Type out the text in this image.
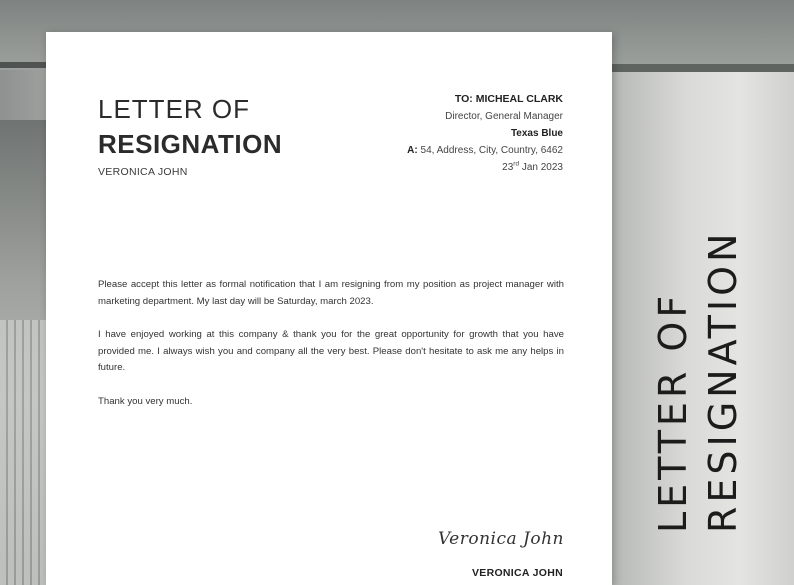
LETTER OF
RESIGNATION
VERONICA JOHN
TO: MICHEAL CLARK
Director, General Manager
Texas Blue
A: 54, Address, City, Country, 6462
23rd Jan 2023

Please accept this letter as formal notification that I am resigning from my position as project manager with marketing department. My last day will be Saturday, march 2023.

I have enjoyed working at this company & thank you for the great opportunity for growth that you have provided me. I always wish you and company all the very best. Please don't hesitate to ask me any helps in future.

Thank you very much.

Veronica John
VERONICA JOHN
LETTER OF RESIGNATION
